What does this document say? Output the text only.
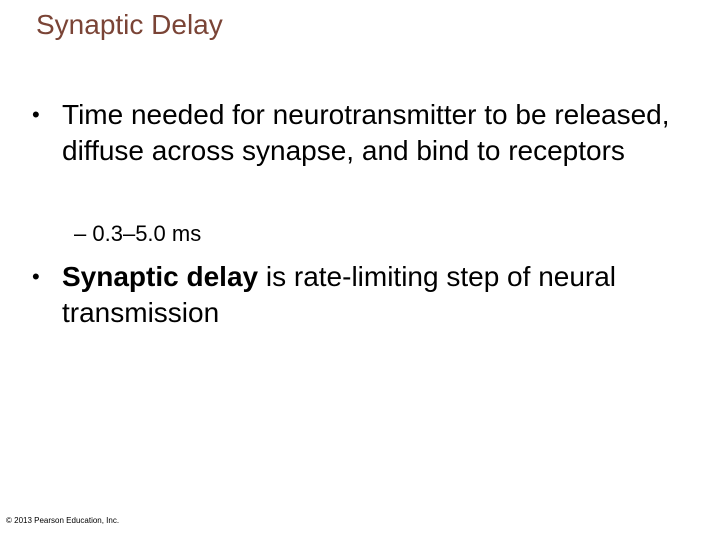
Synaptic Delay
• Time needed for neurotransmitter to be released, diffuse across synapse, and bind to receptors
– 0.3–5.0 ms
• Synaptic delay is rate-limiting step of neural transmission
© 2013 Pearson Education, Inc.
